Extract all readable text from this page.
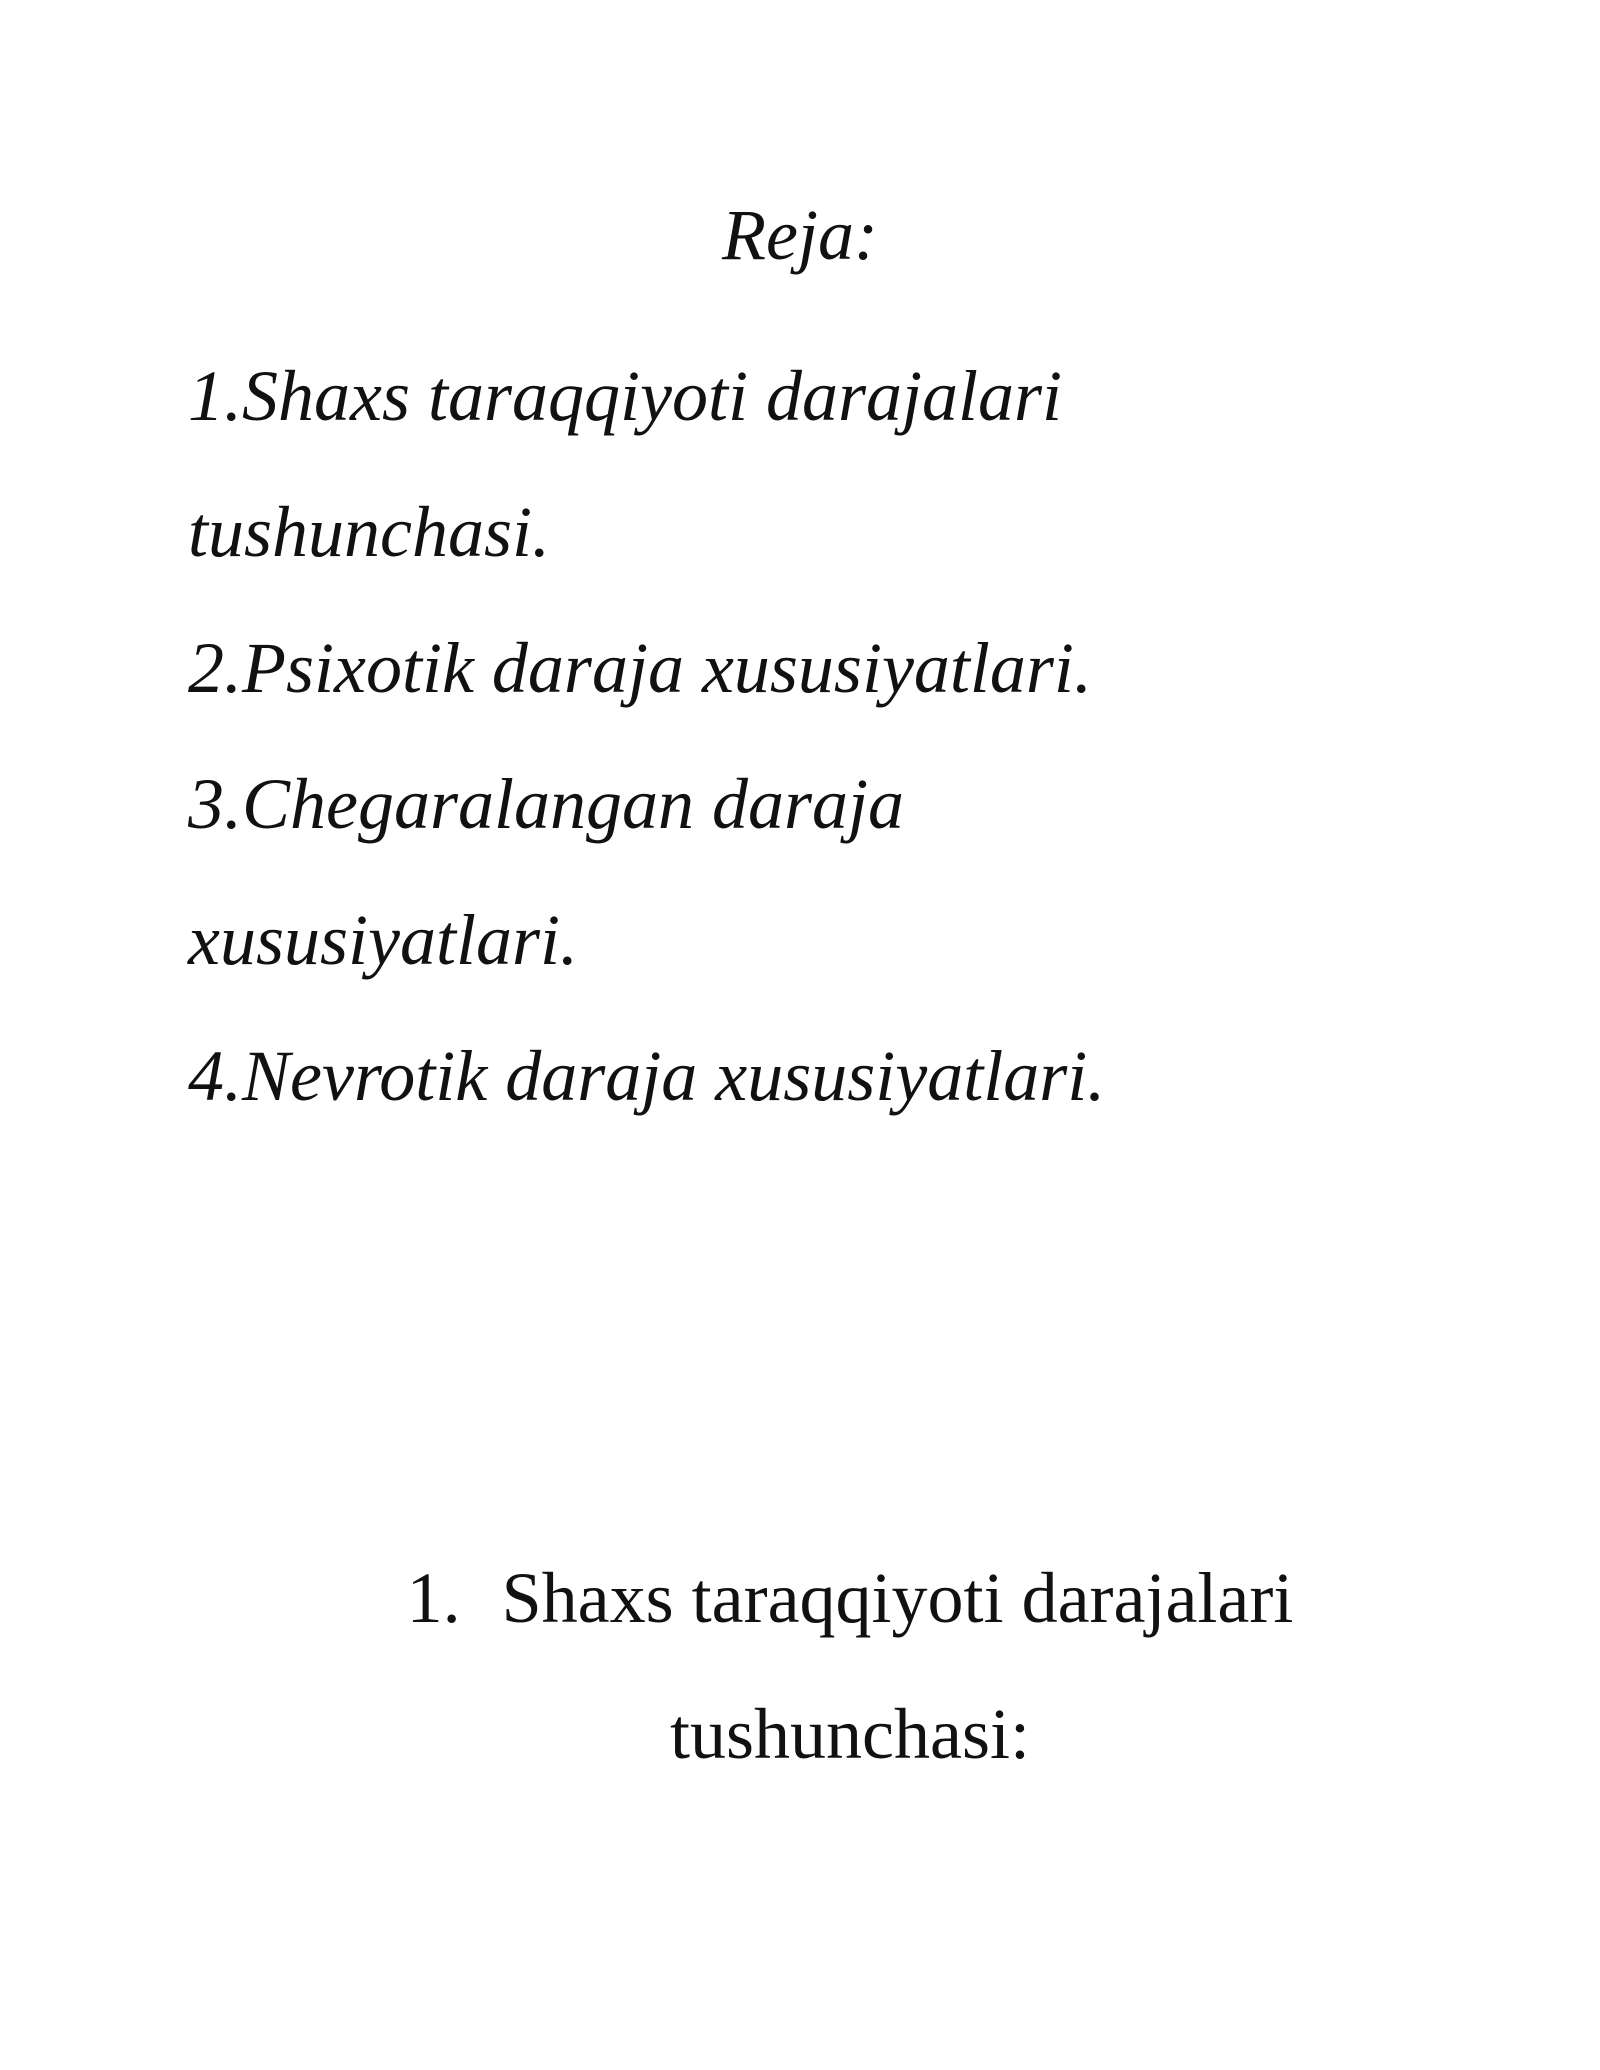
Reja:
1.Shaxs taraqqiyoti darajalari
tushunchasi.
2.Psixotik daraja xususiyatlari.
3.Chegaralangan daraja
xususiyatlari.
4.Nevrotik daraja xususiyatlari.
1. Shaxs taraqqiyoti darajalari
tushunchasi:
